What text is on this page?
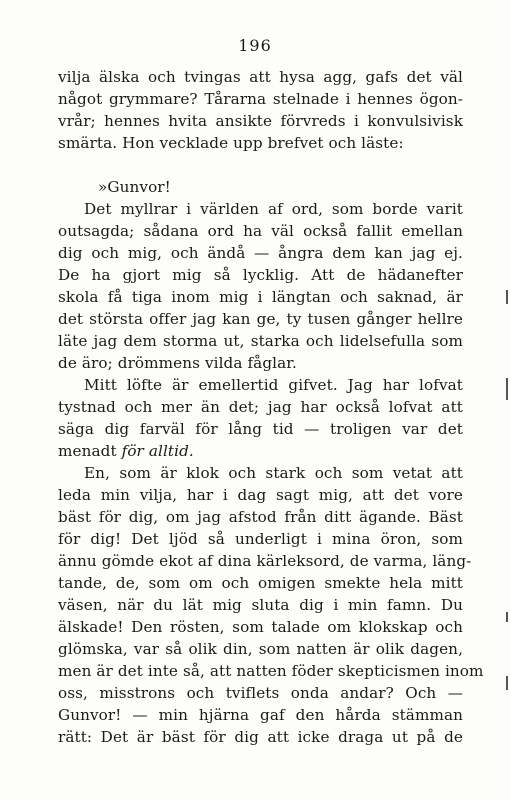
196
vilja älska och tvingas att hysa agg, gafs det väl
något grymmare? Tårarna stelnade i hennes ögon-
vrår; hennes hvita ansikte förvreds i konvulsivisk
smärta. Hon vecklade upp brefvet och läste:
»Gunvor!
Det myllrar i världen af ord, som borde varit
outsagda; sådana ord ha väl också fallit emellan
dig och mig, och ändå — ångra dem kan jag ej.
De ha gjort mig så lycklig. Att de hädanefter
skola få tiga inom mig i längtan och saknad, är
det största offer jag kan ge, ty tusen gånger hellre
läte jag dem storma ut, starka och lidelsefulla som
de äro; drömmens vilda fåglar.
Mitt löfte är emellertid gifvet. Jag har lofvat
tystnad och mer än det; jag har också lofvat att
säga dig farväl för lång tid — troligen var det
menadt för alltid.
En, som är klok och stark och som vetat att
leda min vilja, har i dag sagt mig, att det vore
bäst för dig, om jag afstod från ditt ägande. Bäst
för dig! Det ljöd så underligt i mina öron, som
ännu gömde ekot af dina kärleksord, de varma, läng-
tande, de, som om och omigen smekte hela mitt
väsen, när du lät mig sluta dig i min famn. Du
älskade! Den rösten, som talade om klokskap och
glömska, var så olik din, som natten är olik dagen,
men är det inte så, att natten föder skepticismen inom
oss, misstrons och tviflets onda andar? Och —
Gunvor! — min hjärna gaf den hårda stämman
rätt: Det är bäst för dig att icke draga ut på de
